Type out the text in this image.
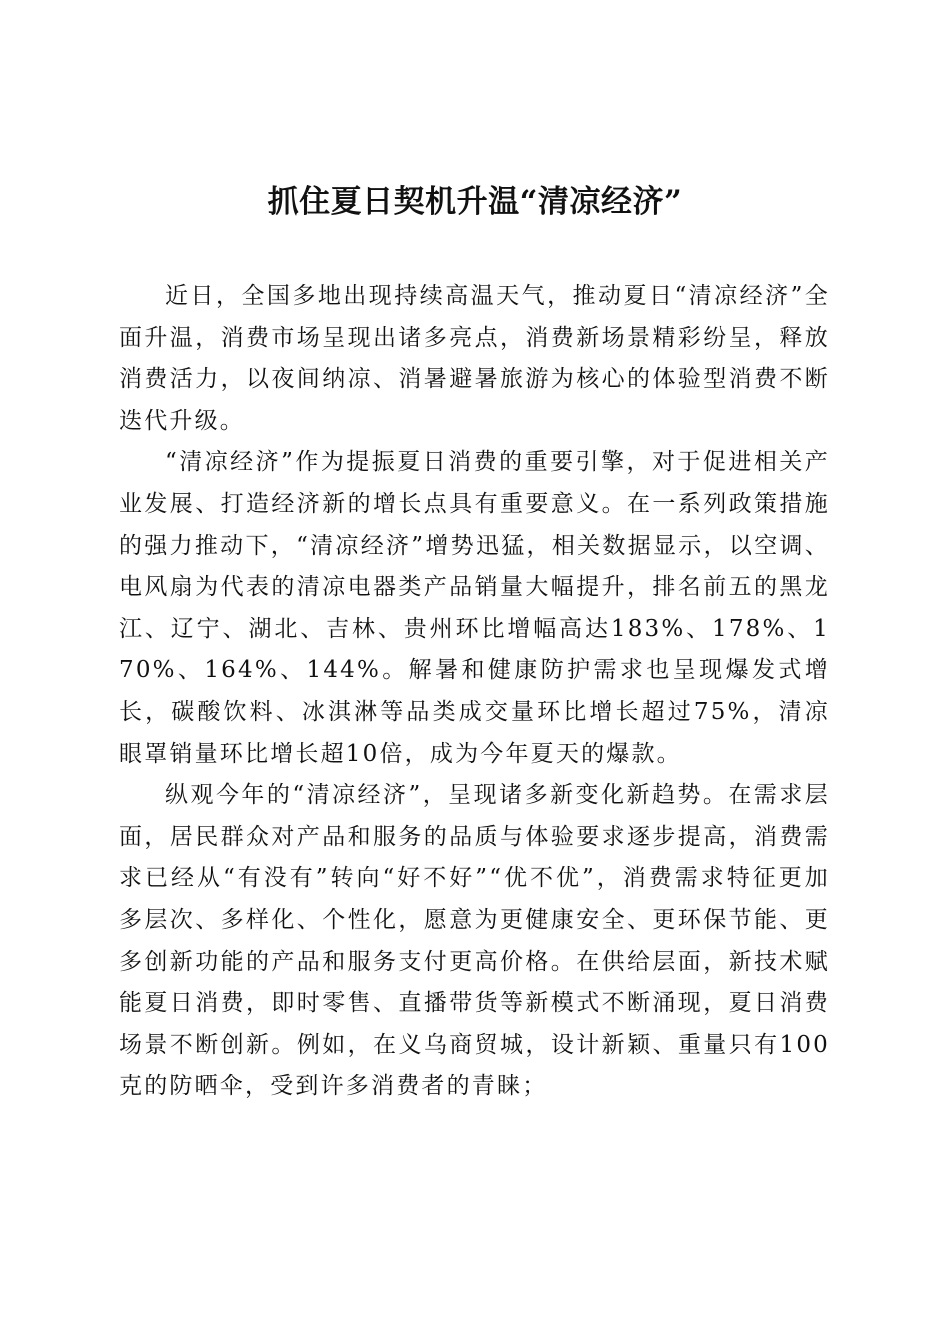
抓住夏日契机升温“清凉经济”

近日，全国多地出现持续高温天气，推动夏日“清凉经济”全面升温，消费市场呈现出诸多亮点，消费新场景精彩纷呈，释放消费活力，以夜间纳凉、消暑避暑旅游为核心的体验型消费不断迭代升级。

“清凉经济”作为提振夏日消费的重要引擎，对于促进相关产业发展、打造经济新的增长点具有重要意义。在一系列政策措施的强力推动下，“清凉经济”增势迅猛，相关数据显示，以空调、电风扇为代表的清凉电器类产品销量大幅提升，排名前五的黑龙江、辽宁、湖北、吉林、贵州环比增幅高达183%、178%、170%、164%、144%。解暑和健康防护需求也呈现爆发式增长，碳酸饮料、冰淇淋等品类成交量环比增长超过75%，清凉眼罩销量环比增长超10倍，成为今年夏天的爆款。

纵观今年的“清凉经济”，呈现诸多新变化新趋势。在需求层面，居民群众对产品和服务的品质与体验要求逐步提高，消费需求已经从“有没有”转向“好不好”“优不优”，消费需求特征更加多层次、多样化、个性化，愿意为更健康安全、更环保节能、更多创新功能的产品和服务支付更高价格。在供给层面，新技术赋能夏日消费，即时零售、直播带货等新模式不断涌现，夏日消费场景不断创新。例如，在义乌商贸城，设计新颖、重量只有100克的防晒伞，受到许多消费者的青睐；
